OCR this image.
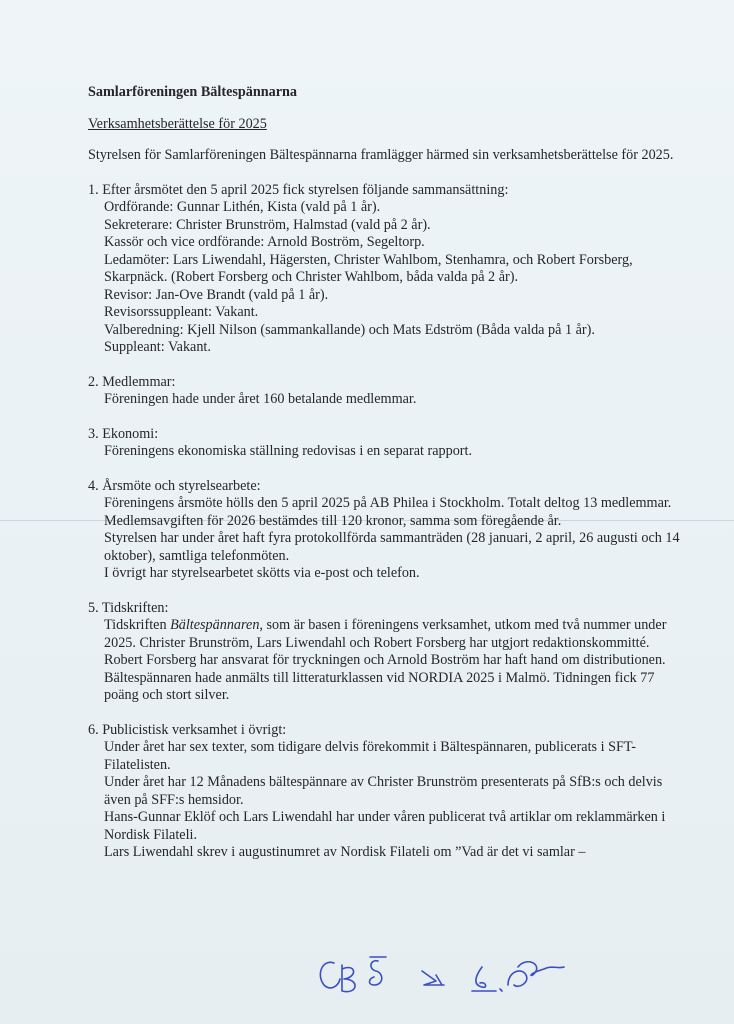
Samlarföreningen Bältespännarna

Verksamhetsberättelse för 2025

Styrelsen för Samlarföreningen Bältespännarna framlägger härmed sin verksamhetsberättelse för 2025.

1. Efter årsmötet den 5 april 2025 fick styrelsen följande sammansättning:
Ordförande: Gunnar Lithén, Kista (vald på 1 år).
Sekreterare: Christer Brunström, Halmstad (vald på 2 år).
Kassör och vice ordförande: Arnold Boström, Segeltorp.
Ledamöter: Lars Liwendahl, Hägersten, Christer Wahlbom, Stenhamra, och Robert Forsberg, Skarpnäck. (Robert Forsberg och Christer Wahlbom, båda valda på 2 år).
Revisor: Jan-Ove Brandt (vald på 1 år).
Revisorssuppleant: Vakant.
Valberedning: Kjell Nilson (sammankallande) och Mats Edström (Båda valda på 1 år).
Suppleant: Vakant.
2. Medlemmar:
Föreningen hade under året 160 betalande medlemmar.
3. Ekonomi:
Föreningens ekonomiska ställning redovisas i en separat rapport.
4. Årsmöte och styrelsearbete:
Föreningens årsmöte hölls den 5 april 2025 på AB Philea i Stockholm. Totalt deltog 13 medlemmar.
Medlemsavgiften för 2026 bestämdes till 120 kronor, samma som föregående år.
Styrelsen har under året haft fyra protokollförda sammanträden (28 januari, 2 april, 26 augusti och 14 oktober), samtliga telefonmöten.
I övrigt har styrelsearbetet skötts via e-post och telefon.
5. Tidskriften:
Tidskriften Bältespännaren, som är basen i föreningens verksamhet, utkom med två nummer under 2025. Christer Brunström, Lars Liwendahl och Robert Forsberg har utgjort redaktionskommitté. Robert Forsberg har ansvarat för tryckningen och Arnold Boström har haft hand om distributionen.
Bältespännaren hade anmälts till litteraturklassen vid NORDIA 2025 i Malmö. Tidningen fick 77 poäng och stort silver.
6. Publicistisk verksamhet i övrigt:
Under året har sex texter, som tidigare delvis förekommit i Bältespännaren, publicerats i SFT-Filatelisten.
Under året har 12 Månadens bältespännare av Christer Brunström presenterats på SfB:s och delvis även på SFF:s hemsidor.
Hans-Gunnar Eklöf och Lars Liwendahl har under våren publicerat två artiklar om reklammärken i Nordisk Filateli.
Lars Liwendahl skrev i augustinumret av Nordisk Filateli om ”Vad är det vi samlar –
